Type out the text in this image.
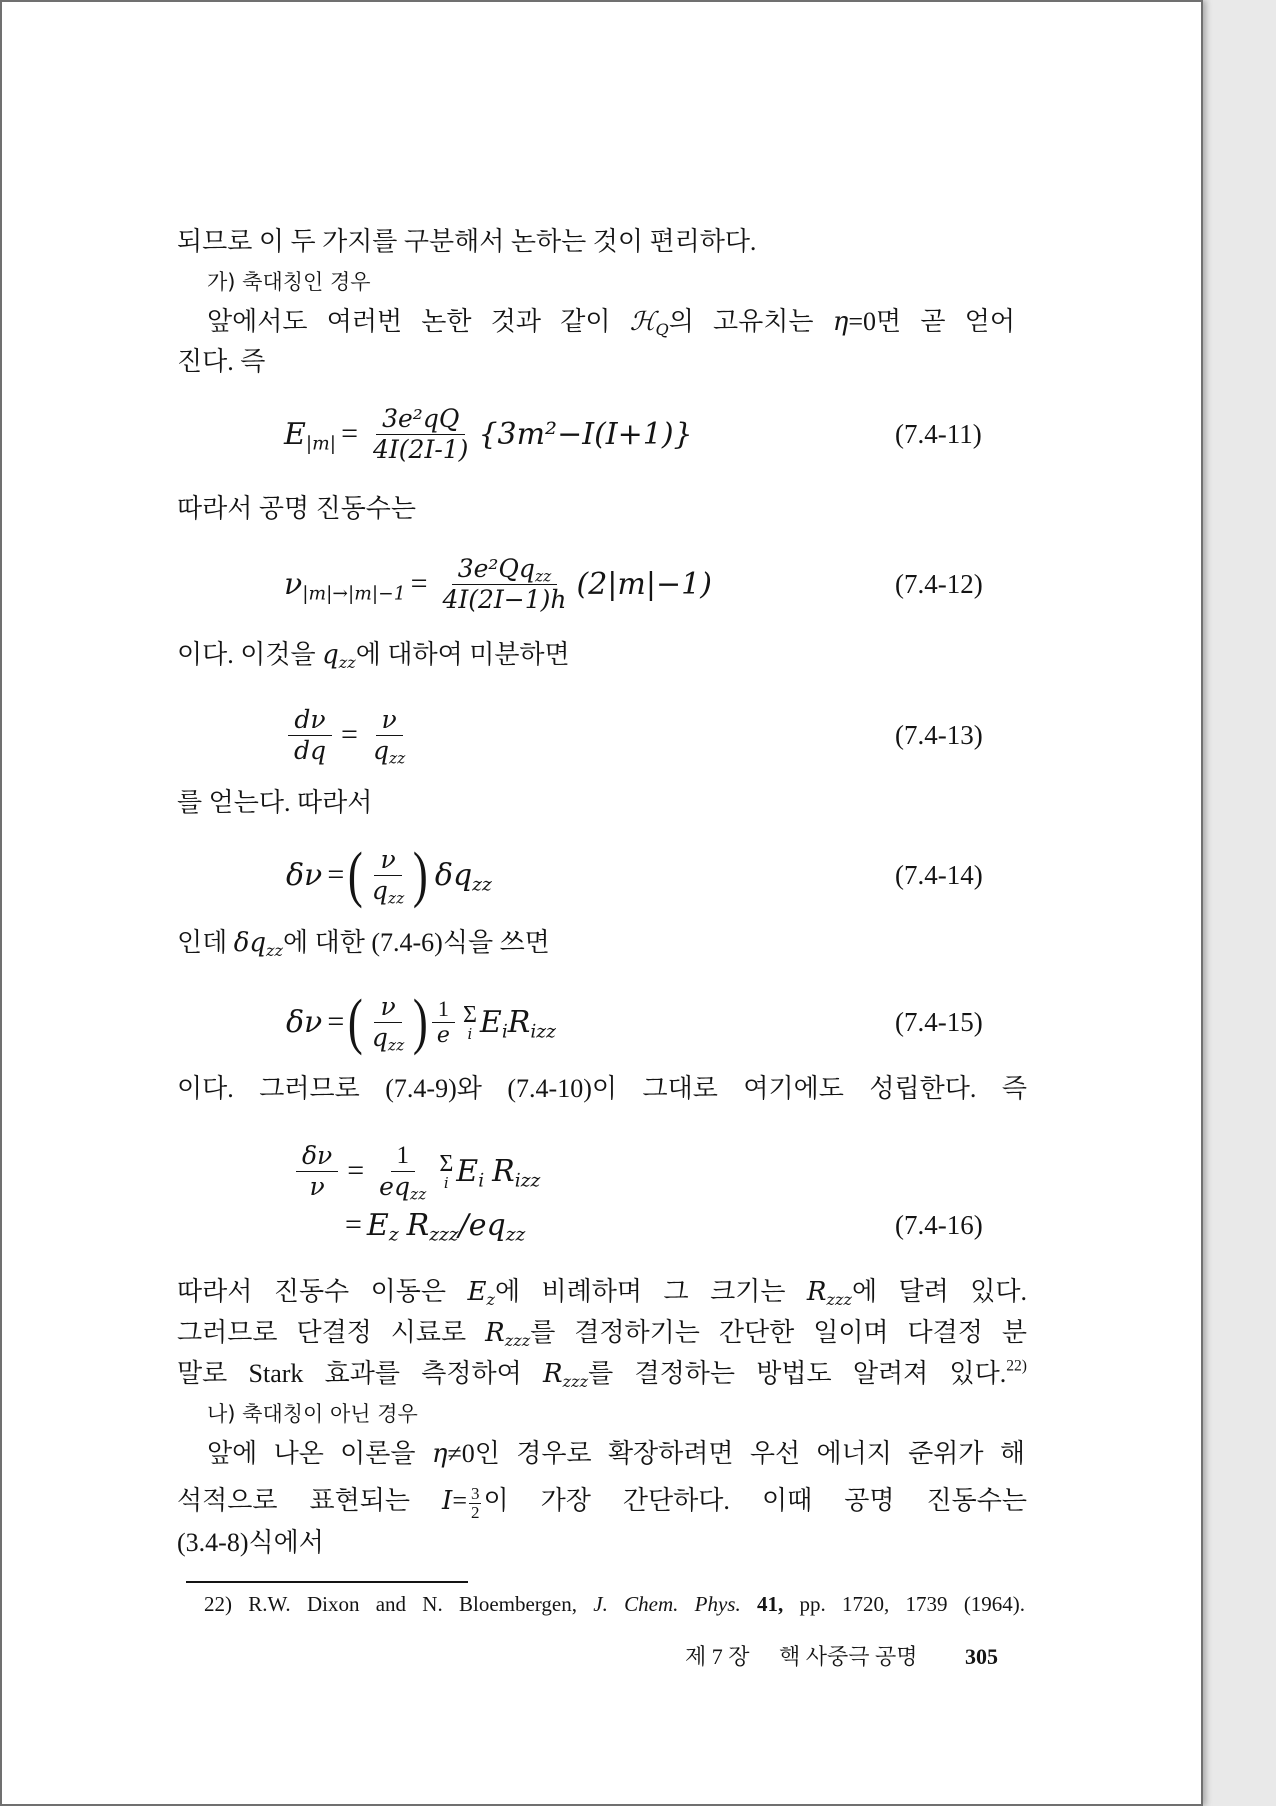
되므로 이 두 가지를 구분해서 논하는 것이 편리하다.
가) 축대칭인 경우
앞에서도 여러번 논한 것과 같이 ℋ$_Q$의 고유치는 η=0면 곧 얻어
진다. 즉
$E_{|m|} = \frac{\text{3e²qQ}}{4I(2I-1)} \{3m^2-I(I+1)\}$	(7.4-11)
따라서 공명 진동수는
$\nu_{|m|\to|m|-1} = \frac{3e^2Qq_{zz}}{4I(2I-1)h} (2|m|-1)$	(7.4-12)
이다. 이것을 $q_{zz}$에 대하여 미분하면
$\frac{d\nu}{dq} = \frac{\nu}{q_{zz}}$	(7.4-13)
를 얻는다. 따라서
δν = ( $\frac{\nu}{q_{zz}}$ ) $\delta q_{zz}$	(7.4-14)
인데 $\delta q_{zz}$에 대한 (7.4-6)식을 쓰면
δν = ( $\frac{\nu}{q_{zz}}$ ) $\frac{1}{e}$ Σ
i $E_i$ $R_{izz}$	(7.4-15)
이다. 그러므로 (7.4-9)와 (7.4-10)이 그대로 여기에도 성립한다. 즉
$\frac{\delta\nu}{\nu} = \frac{1}{eq_{zz}}$ Σ
i $E_i$ $R_{izz}$
= $E_z$ $R_{zzz}/eq_{zz}$	(7.4-16)
따라서 진동수 이동은 $E_z$에 비례하며 그 크기는 $R_{zzz}$에 달려 있다.
그러므로 단결정 시료로 $R_{zzz}$를 결정하기는 간단한 일이며 다결정 분
말로 Stark 효과를 측정하여 $R_{zzz}$를 결정하는 방법도 알려져 있다.$^{22)}$
나) 축대칭이 아닌 경우
앞에 나온 이론을 η≠0인 경우로 확장하려면 우선 에너지 준위가 해
석적으로 표현되는 $I= \frac{3}{2}$ 이 가장 간단하다. 이때 공명 진동수는
(3.4-8)식에서
22) R.W. Dixon and N. Bloembergen, J. Chem. Phys. 41, pp. 1720, 1739 (1964).
제 7 장 핵 사중극 공명 305
